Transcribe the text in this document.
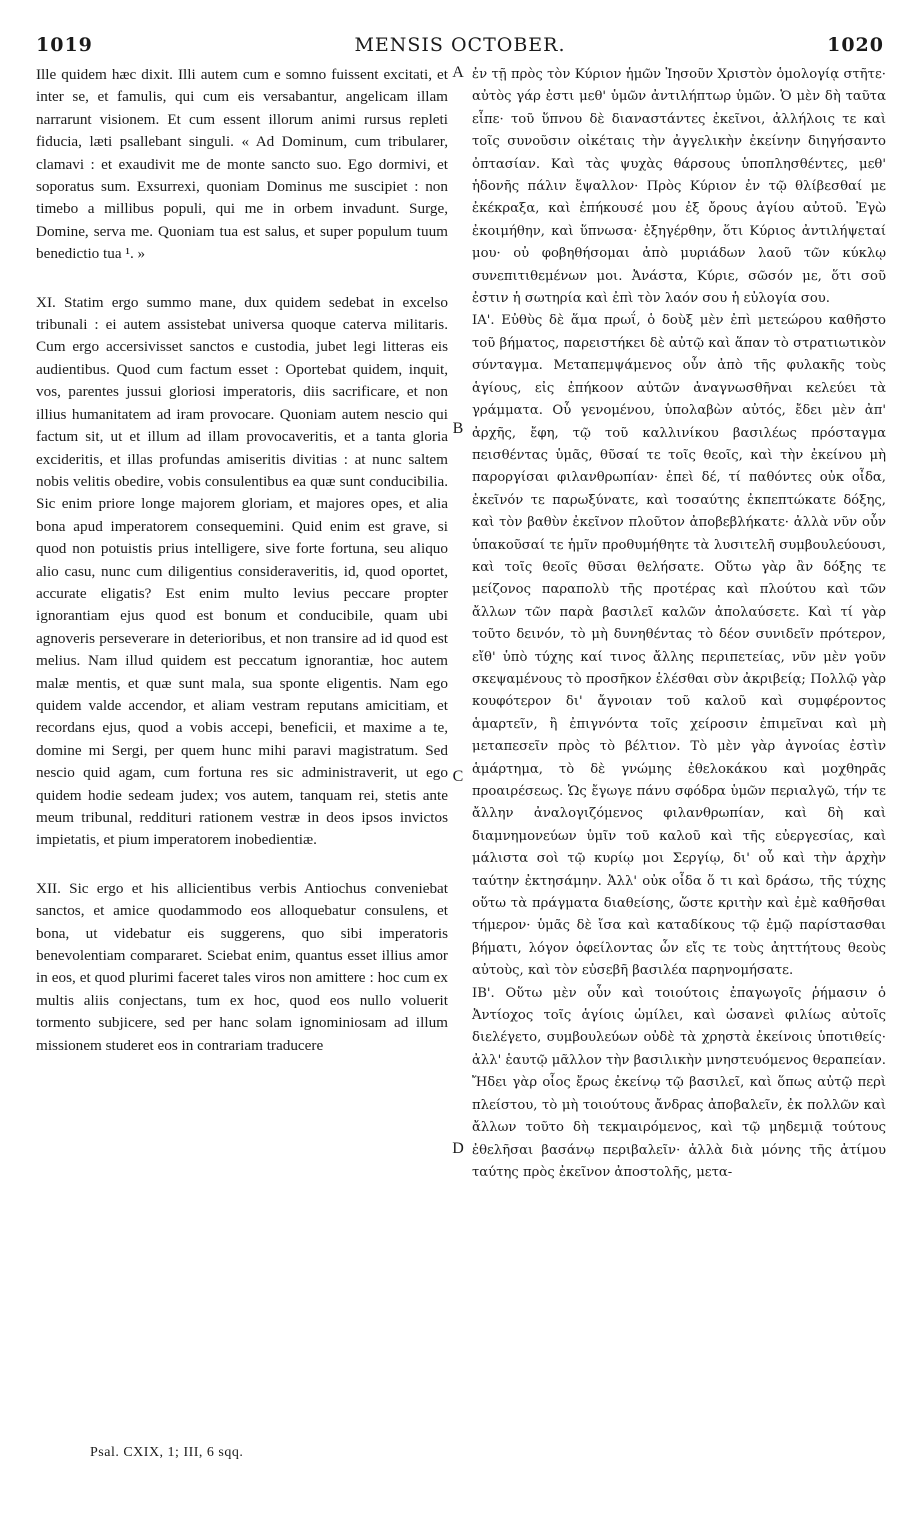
1019	MENSIS OCTOBER.	1020

Ille quidem hæc dixit. Illi autem cum e somno fuissent excitati, et inter se, et famulis, qui cum eis versabantur, angelicam illam narrarunt visionem. Et cum essent illorum animi rursus repleti fiducia, læti psallebant singuli. « Ad Dominum, cum tribularer, clamavi : et exaudivit me de monte sancto suo. Ego dormivi, et soporatus sum. Exsurrexi, quoniam Dominus me suscipiet : non timebo a millibus populi, qui me in orbem invadunt. Surge, Domine, serva me. Quoniam tua est salus, et super populum tuum benedictio tua ¹. »

XI. Statim ergo summo mane, dux quidem sedebat in excelso tribunali : ei autem assistebat universa quoque caterva militaris. Cum ergo accersivisset sanctos e custodia, jubet legi litteras eis audientibus. Quod cum factum esset : Oportebat quidem, inquit, vos, parentes jussui gloriosi imperatoris, diis sacrificare, et non illius humanitatem ad iram provocare. Quoniam autem nescio qui factum sit, ut et illum ad illam provocaveritis, et a tanta gloria excideritis, et illas profundas amiseritis divitias : at nunc saltem nobis velitis obedire, vobis consulentibus ea quæ sunt conducibilia. Sic enim priore longe majorem gloriam, et majores opes, et alia bona apud imperatorem consequemini. Quid enim est grave, si quod non potuistis prius intelligere, sive forte fortuna, seu aliquo alio casu, nunc cum diligentius consideraveritis, id, quod oportet, accurate eligatis? Est enim multo levius peccare propter ignorantiam ejus quod est bonum et conducibile, quam ubi agnoveris perseverare in deterioribus, et non transire ad id quod est melius. Nam illud quidem est peccatum ignorantiæ, hoc autem malæ mentis, et quæ sunt mala, sua sponte eligentis. Nam ego quidem valde accendor, et aliam vestram reputans amicitiam, et recordans ejus, quod a vobis accepi, beneficii, et maxime a te, domine mi Sergi, per quem hunc mihi paravi magistratum. Sed nescio quid agam, cum fortuna res sic administraverit, ut ego quidem hodie sedeam judex; vos autem, tanquam rei, stetis ante meum tribunal, reddituri rationem vestræ in deos ipsos invictos impietatis, et pium imperatorem inobedientiæ.

XII. Sic ergo et his allicientibus verbis Antiochus conveniebat sanctos, et amice quodammodo eos alloquebatur consulens, et bona, ut videbatur eis suggerens, quo sibi imperatoris benevolentiam compararet. Sciebat enim, quantus esset illius amor in eos, et quod plurimi faceret tales viros non amittere : hoc cum ex multis aliis conjectans, tum ex hoc, quod eos nullo voluerit tormento subjicere, sed per hanc solam ignominiosam ad illum missionem studeret eos in contrariam traducere

A
B
C
D

ἐν τῇ πρὸς τὸν Κύριον ἡμῶν Ἰησοῦν Χριστὸν ὁμολογίᾳ στῆτε· αὐτὸς γάρ ἐστι μεθ' ὑμῶν ἀντιλήπτωρ ὑμῶν. Ὁ μὲν δὴ ταῦτα εἶπε· τοῦ ὕπνου δὲ διαναστάντες ἐκεῖνοι, ἀλλήλοις τε καὶ τοῖς συνοῦσιν οἰκέταις τὴν ἀγγελικὴν ἐκείνην διηγήσαντο ὀπτασίαν. Καὶ τὰς ψυχὰς θάρσους ὑποπλησθέντες, μεθ' ἡδονῆς πάλιν ἔψαλλον· Πρὸς Κύριον ἐν τῷ θλίβεσθαί με ἐκέκραξα, καὶ ἐπήκουσέ μου ἐξ ὄρους ἁγίου αὐτοῦ. Ἐγὼ ἐκοιμήθην, καὶ ὕπνωσα· ἐξηγέρθην, ὅτι Κύριος ἀντιλήψεταί μου· οὐ φοβηθήσομαι ἀπὸ μυριάδων λαοῦ τῶν κύκλῳ συνεπιτιθεμένων μοι. Ἀνάστα, Κύριε, σῶσόν με, ὅτι σοῦ ἐστιν ἡ σωτηρία καὶ ἐπὶ τὸν λαόν σου ἡ εὐλογία σου.

ΙΑ'. Εὐθὺς δὲ ἅμα πρωΐ, ὁ δοὺξ μὲν ἐπὶ μετεώρου καθῆστο τοῦ βήματος, παρειστήκει δὲ αὐτῷ καὶ ἅπαν τὸ στρατιωτικὸν σύνταγμα. Μεταπεμψάμενος οὖν ἀπὸ τῆς φυλακῆς τοὺς ἁγίους, εἰς ἐπήκοον αὐτῶν ἀναγνωσθῆναι κελεύει τὰ γράμματα. Οὗ γενομένου, ὑπολαβὼν αὐτός, ἔδει μὲν ἀπ' ἀρχῆς, ἔφη, τῷ τοῦ καλλινίκου βασιλέως πρόσταγμα πεισθέντας ὑμᾶς, θῦσαί τε τοῖς θεοῖς, καὶ τὴν ἐκείνου μὴ παροργίσαι φιλανθρωπίαν· ἐπεὶ δέ, τί παθόντες οὐκ οἶδα, ἐκεῖνόν τε παρωξύνατε, καὶ τοσαύτης ἐκπεπτώκατε δόξης, καὶ τὸν βαθὺν ἐκεῖνον πλοῦτον ἀποβεβλήκατε· ἀλλὰ νῦν οὖν ὑπακοῦσαί τε ἡμῖν προθυμήθητε τὰ λυσιτελῆ συμβουλεύουσι, καὶ τοῖς θεοῖς θῦσαι θελήσατε. Οὕτω γὰρ ἂν δόξης τε μείζονος παραπολὺ τῆς προτέρας καὶ πλούτου καὶ τῶν ἄλλων τῶν παρὰ βασιλεῖ καλῶν ἀπολαύσετε. Καὶ τί γὰρ τοῦτο δεινόν, τὸ μὴ δυνηθέντας τὸ δέον συνιδεῖν πρότερον, εἴθ' ὑπὸ τύχης καί τινος ἄλλης περιπετείας, νῦν μὲν γοῦν σκεψαμένους τὸ προσῆκον ἑλέσθαι σὺν ἀκριβείᾳ; Πολλῷ γὰρ κουφότερον δι' ἄγνοιαν τοῦ καλοῦ καὶ συμφέροντος ἁμαρτεῖν, ἢ ἐπιγνόντα τοῖς χείροσιν ἐπιμεῖναι καὶ μὴ μεταπεσεῖν πρὸς τὸ βέλτιον. Τὸ μὲν γὰρ ἀγνοίας ἐστὶν ἁμάρτημα, τὸ δὲ γνώμης ἐθελοκάκου καὶ μοχθηρᾶς προαιρέσεως. Ὡς ἔγωγε πάνυ σφόδρα ὑμῶν περιαλγῶ, τήν τε ἄλλην ἀναλογιζόμενος φιλανθρωπίαν, καὶ δὴ καὶ διαμνημονεύων ὑμῖν τοῦ καλοῦ καὶ τῆς εὐεργεσίας, καὶ μάλιστα σοὶ τῷ κυρίῳ μοι Σεργίῳ, δι' οὗ καὶ τὴν ἀρχὴν ταύτην ἐκτησάμην. Ἀλλ' οὐκ οἶδα ὅ τι καὶ δράσω, τῆς τύχης οὕτω τὰ πράγματα διαθείσης, ὥστε κριτὴν καὶ ἐμὲ καθῆσθαι τήμερον· ὑμᾶς δὲ ἴσα καὶ καταδίκους τῷ ἐμῷ παρίστασθαι βήματι, λόγον ὀφείλοντας ὧν εἴς τε τοὺς ἀηττήτους θεοὺς αὐτοὺς, καὶ τὸν εὐσεβῆ βασιλέα παρηνομήσατε.

ΙΒ'. Οὕτω μὲν οὖν καὶ τοιούτοις ἐπαγωγοῖς ῥήμασιν ὁ Ἀντίοχος τοῖς ἁγίοις ὡμίλει, καὶ ὡσανεὶ φιλίως αὐτοῖς διελέγετο, συμβουλεύων οὐδὲ τὰ χρηστὰ ἐκείνοις ὑποτιθείς· ἀλλ' ἑαυτῷ μᾶλλον τὴν βασιλικὴν μνηστευόμενος θεραπείαν. Ἤδει γὰρ οἷος ἔρως ἐκείνῳ τῷ βασιλεῖ, καὶ ὅπως αὐτῷ περὶ πλείστου, τὸ μὴ τοιούτους ἄνδρας ἀποβαλεῖν, ἐκ πολλῶν καὶ ἄλλων τοῦτο δὴ τεκμαιρόμενος, καὶ τῷ μηδεμιᾷ τούτους ἐθελῆσαι βασάνῳ περιβαλεῖν· ἀλλὰ διὰ μόνης τῆς ἀτίμου ταύτης πρὸς ἐκεῖνον ἀποστολῆς, μετα-

Psal. CXIX, 1; III, 6 sqq.
